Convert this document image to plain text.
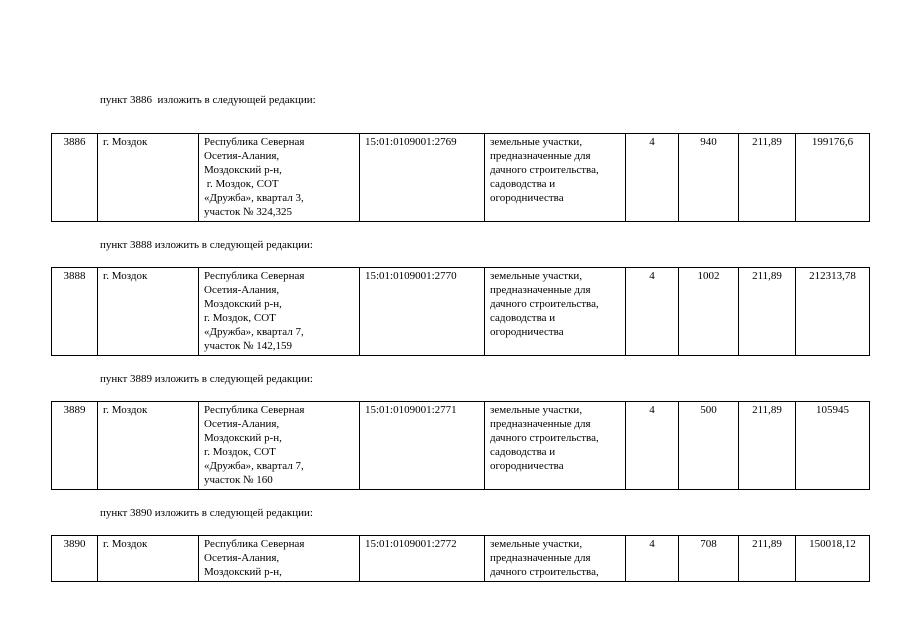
пункт 3886  изложить в следующей редакции:
3886	г. Моздок	Республика Северная
Осетия-Алания,
Моздокский р-н,
г. Моздок, СОТ
«Дружба», квартал 3,
участок № 324,325
	15:01:0109001:2769	земельные участки,
предназначенные для
дачного строительства,
садоводства и
огородничества
	4	940	211,89	199176,6
пункт 3888 изложить в следующей редакции:
3888	г. Моздок	Республика Северная
Осетия-Алания,
Моздокский р-н,
г. Моздок, СОТ
«Дружба», квартал 7,
участок № 142,159
	15:01:0109001:2770	земельные участки,
предназначенные для
дачного строительства,
садоводства и
огородничества
	4	1002	211,89	212313,78
пункт 3889 изложить в следующей редакции:
3889	г. Моздок	Республика Северная
Осетия-Алания,
Моздокский р-н,
г. Моздок, СОТ
«Дружба», квартал 7,
участок № 160
	15:01:0109001:2771	земельные участки,
предназначенные для
дачного строительства,
садоводства и
огородничества
	4	500	211,89	105945
пункт 3890 изложить в следующей редакции:
3890	г. Моздок	Республика Северная
Осетия-Алания,
Моздокский р-н,
	15:01:0109001:2772	земельные участки,
предназначенные для
дачного строительства,
	4	708	211,89	150018,12
